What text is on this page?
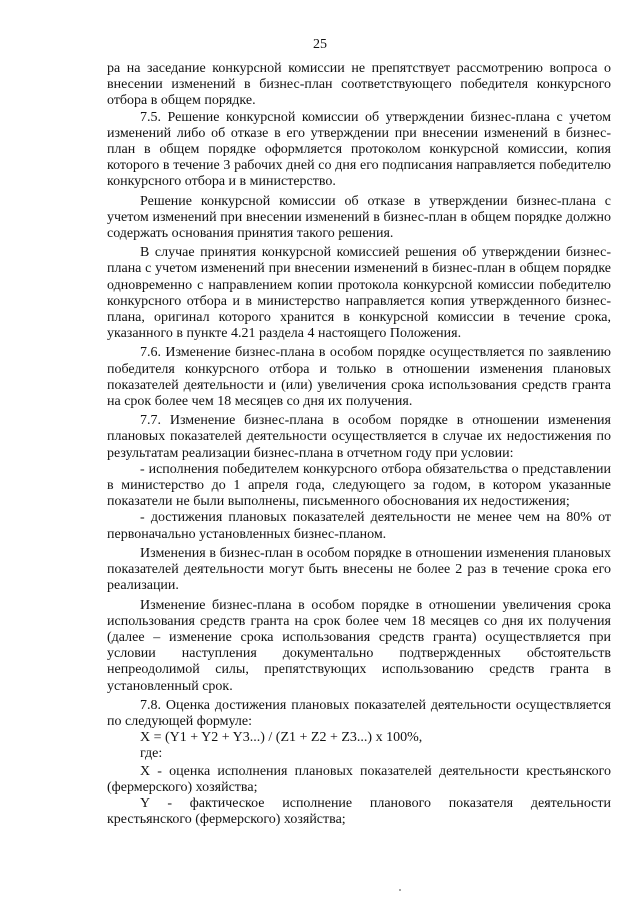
25

ра на заседание конкурсной комиссии не препятствует рассмотрению вопроса о внесении изменений в бизнес-план соответствующего победителя конкурсного отбора в общем порядке.

7.5. Решение конкурсной комиссии об утверждении бизнес-плана с учетом изменений либо об отказе в его утверждении при внесении изменений в бизнес-план в общем порядке оформляется протоколом конкурсной комиссии, копия которого в течение 3 рабочих дней со дня его подписания направляется победителю конкурсного отбора и в министерство.

Решение конкурсной комиссии об отказе в утверждении бизнес-плана с учетом изменений при внесении изменений в бизнес-план в общем порядке должно содержать основания принятия такого решения.

В случае принятия конкурсной комиссией решения об утверждении бизнес-плана с учетом изменений при внесении изменений в бизнес-план в общем порядке одновременно с направлением копии протокола конкурсной комиссии победителю конкурсного отбора и в министерство направляется копия утвержденного бизнес-плана, оригинал которого хранится в конкурсной комиссии в течение срока, указанного в пункте 4.21 раздела 4 настоящего Положения.

7.6. Изменение бизнес-плана в особом порядке осуществляется по заявлению победителя конкурсного отбора и только в отношении изменения плановых показателей деятельности и (или) увеличения срока использования средств гранта на срок более чем 18 месяцев со дня их получения.

7.7. Изменение бизнес-плана в особом порядке в отношении изменения плановых показателей деятельности осуществляется в случае их недостижения по результатам реализации бизнес-плана в отчетном году при условии:

- исполнения победителем конкурсного отбора обязательства о представлении в министерство до 1 апреля года, следующего за годом, в котором указанные показатели не были выполнены, письменного обоснования их недостижения;

- достижения плановых показателей деятельности не менее чем на 80% от первоначально установленных бизнес-планом.

Изменения в бизнес-план в особом порядке в отношении изменения плановых показателей деятельности могут быть внесены не более 2 раз в течение срока его реализации.

Изменение бизнес-плана в особом порядке в отношении увеличения срока использования средств гранта на срок более чем 18 месяцев со дня их получения (далее – изменение срока использования средств гранта) осуществляется при условии наступления документально подтвержденных обстоятельств непреодолимой силы, препятствующих использованию средств гранта в установленный срок.

7.8. Оценка достижения плановых показателей деятельности осуществляется по следующей формуле:

X = (Y1 + Y2 + Y3...) / (Z1 + Z2 + Z3...) x 100%,

где:

X - оценка исполнения плановых показателей деятельности крестьянского (фермерского) хозяйства;

Y - фактическое исполнение планового показателя деятельности крестьянского (фермерского) хозяйства;
